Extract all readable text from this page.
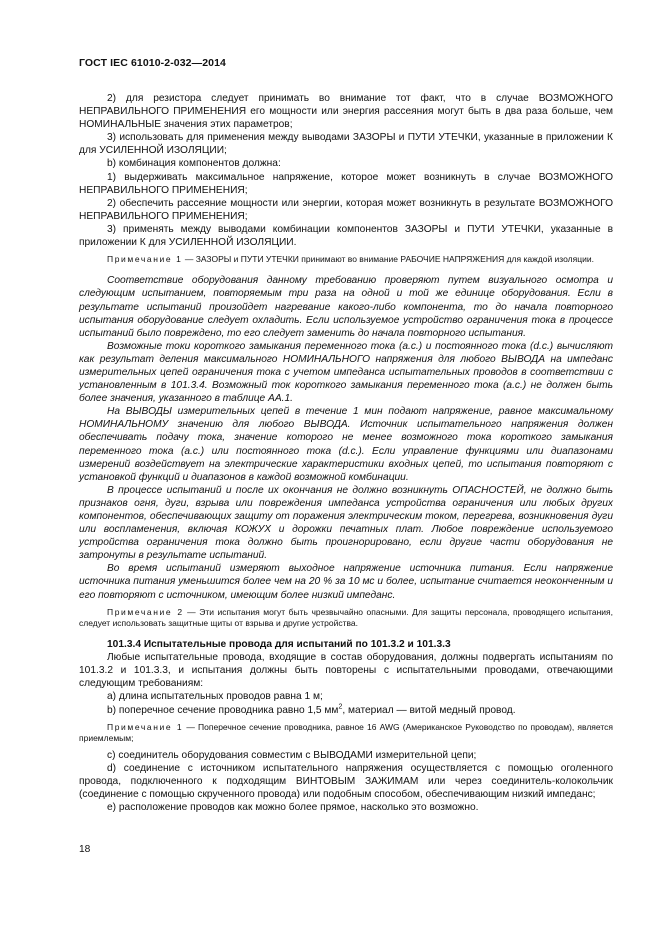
ГОСТ IEC 61010-2-032—2014

2) для резистора следует принимать во внимание тот факт, что в случае ВОЗМОЖНОГО НЕПРАВИЛЬНОГО ПРИМЕНЕНИЯ его мощности или энергия рассеяния могут быть в два раза больше, чем НОМИНАЛЬНЫЕ значения этих параметров;

3) использовать для применения между выводами ЗАЗОРЫ и ПУТИ УТЕЧКИ, указанные в приложении К для УСИЛЕННОЙ ИЗОЛЯЦИИ;

b) комбинация компонентов должна:

1) выдерживать максимальное напряжение, которое может возникнуть в случае ВОЗМОЖНОГО НЕПРАВИЛЬНОГО ПРИМЕНЕНИЯ;

2) обеспечить рассеяние мощности или энергии, которая может возникнуть в результате ВОЗМОЖНОГО НЕПРАВИЛЬНОГО ПРИМЕНЕНИЯ;

3) применять между выводами комбинации компонентов ЗАЗОРЫ и ПУТИ УТЕЧКИ, указанные в приложении К для УСИЛЕННОЙ ИЗОЛЯЦИИ.

Примечание 1 — ЗАЗОРЫ и ПУТИ УТЕЧКИ принимают во внимание РАБОЧИЕ НАПРЯЖЕНИЯ для каждой изоляции.

Соответствие оборудования данному требованию проверяют путем визуального осмотра и следующим испытанием, повторяемым три раза на одной и той же единице оборудования. Если в результате испытаний произойдет нагревание какого-либо компонента, то до начала повторного испытания оборудование следует охладить. Если используемое устройство ограничения тока в процессе испытаний было повреждено, то его следует заменить до начала повторного испытания.

Возможные токи короткого замыкания переменного тока (а.с.) и постоянного тока (d.c.) вычисляют как результат деления максимального НОМИНАЛЬНОГО напряжения для любого ВЫВОДА на импеданс измерительных цепей ограничения тока с учетом импеданса испытательных проводов в соответствии с установленным в 101.3.4. Возможный ток короткого замыкания переменного тока (а.с.) не должен быть более значения, указанного в таблице АА.1.

На ВЫВОДЫ измерительных цепей в течение 1 мин подают напряжение, равное максимальному НОМИНАЛЬНОМУ значению для любого ВЫВОДА. Источник испытательного напряжения должен обеспечивать подачу тока, значение которого не менее возможного тока короткого замыкания переменного тока (а.с.) или постоянного тока (d.c.). Если управление функциями или диапазонами измерений воздействует на электрические характеристики входных цепей, то испытания повторяют с установкой функций и диапазонов в каждой возможной комбинации.

В процессе испытаний и после их окончания не должно возникнуть ОПАСНОСТЕЙ, не должно быть признаков огня, дуги, взрыва или повреждения импеданса устройства ограничения или любых других компонентов, обеспечивающих защиту от поражения электрическим током, перегрева, возникновения дуги или воспламенения, включая КОЖУХ и дорожки печатных плат. Любое повреждение используемого устройства ограничения тока должно быть проигнорировано, если другие части оборудования не затронуты в результате испытаний.

Во время испытаний измеряют выходное напряжение источника питания. Если напряжение источника питания уменьшится более чем на 20 % за 10 мс и более, испытание считается неоконченным и его повторяют с источником, имеющим более низкий импеданс.

Примечание 2 — Эти испытания могут быть чрезвычайно опасными. Для защиты персонала, проводящего испытания, следует использовать защитные щиты от взрыва и другие устройства.

101.3.4 Испытательные провода для испытаний по 101.3.2 и 101.3.3

Любые испытательные провода, входящие в состав оборудования, должны подвергать испытаниям по 101.3.2 и 101.3.3, и испытания должны быть повторены с испытательными проводами, отвечающими следующим требованиям:

а) длина испытательных проводов равна 1 м;

b) поперечное сечение проводника равно 1,5 $мм^2$, материал — витой медный провод.

Примечание 1 — Поперечное сечение проводника, равное 16 AWG (Американское Руководство по проводам), является приемлемым;

с) соединитель оборудования совместим с ВЫВОДАМИ измерительной цепи;

d) соединение с источником испытательного напряжения осуществляется с помощью оголенного провода, подключенного к подходящим ВИНТОВЫМ ЗАЖИМАМ или через соединитель-колокольчик (соединение с помощью скрученного провода) или подобным способом, обеспечивающим низкий импеданс;

е) расположение проводов как можно более прямое, насколько это возможно.

18
